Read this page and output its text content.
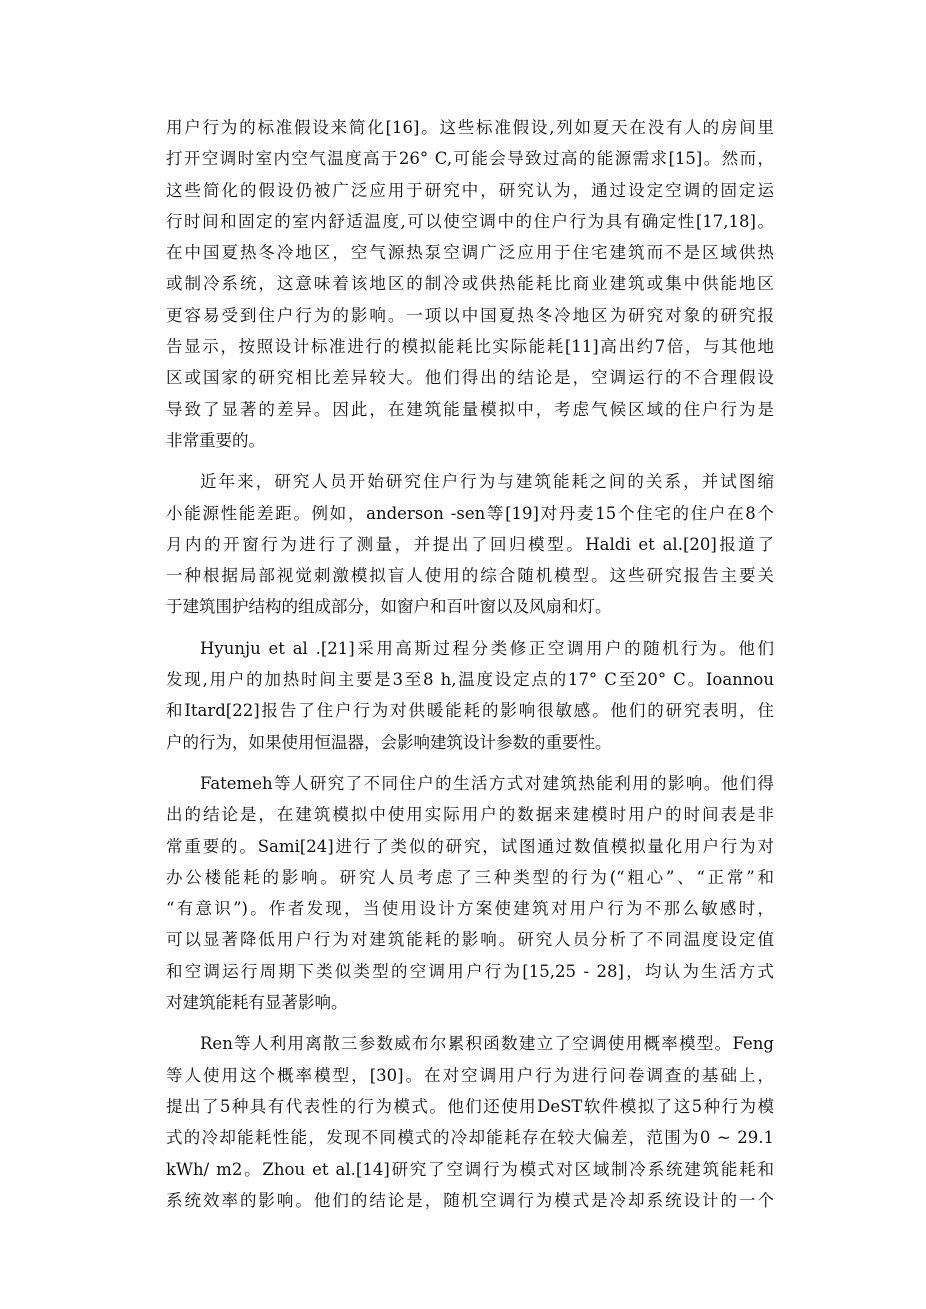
用户行为的标准假设来简化[16]。这些标准假设,列如夏天在没有人的房间里
打开空调时室内空气温度高于26° C,可能会导致过高的能源需求[15]。然而，
这些简化的假设仍被广泛应用于研究中，研究认为，通过设定空调的固定运
行时间和固定的室内舒适温度,可以使空调中的住户行为具有确定性[17,18]。
在中国夏热冬冷地区，空气源热泵空调广泛应用于住宅建筑而不是区域供热
或制冷系统，这意味着该地区的制冷或供热能耗比商业建筑或集中供能地区
更容易受到住户行为的影响。一项以中国夏热冬冷地区为研究对象的研究报
告显示，按照设计标准进行的模拟能耗比实际能耗[11]高出约7倍，与其他地
区或国家的研究相比差异较大。他们得出的结论是，空调运行的不合理假设
导致了显著的差异。因此，在建筑能量模拟中，考虑气候区域的住户行为是
非常重要的。
近年来，研究人员开始研究住户行为与建筑能耗之间的关系，并试图缩
小能源性能差距。例如，anderson -sen等[19]对丹麦15个住宅的住户在8个
月内的开窗行为进行了测量，并提出了回归模型。Haldi et al.[20]报道了
一种根据局部视觉刺激模拟盲人使用的综合随机模型。这些研究报告主要关
于建筑围护结构的组成部分，如窗户和百叶窗以及风扇和灯。
Hyunju et al .[21]采用高斯过程分类修正空调用户的随机行为。他们
发现,用户的加热时间主要是3至8 h,温度设定点的17° C至20° C。Ioannou
和Itard[22]报告了住户行为对供暖能耗的影响很敏感。他们的研究表明，住
户的行为，如果使用恒温器，会影响建筑设计参数的重要性。
Fatemeh等人研究了不同住户的生活方式对建筑热能利用的影响。他们得
出的结论是，在建筑模拟中使用实际用户的数据来建模时用户的时间表是非
常重要的。Sami[24]进行了类似的研究，试图通过数值模拟量化用户行为对
办公楼能耗的影响。研究人员考虑了三种类型的行为(“粗心”、“正常”和
“有意识”)。作者发现，当使用设计方案使建筑对用户行为不那么敏感时，
可以显著降低用户行为对建筑能耗的影响。研究人员分析了不同温度设定值
和空调运行周期下类似类型的空调用户行为[15,25 - 28]，均认为生活方式
对建筑能耗有显著影响。
Ren等人利用离散三参数威布尔累积函数建立了空调使用概率模型。Feng
等人使用这个概率模型，[30]。在对空调用户行为进行问卷调查的基础上，
提出了5种具有代表性的行为模式。他们还使用DeST软件模拟了这5种行为模
式的冷却能耗性能，发现不同模式的冷却能耗存在较大偏差，范围为0 ~ 29.1
kWh/ m2。Zhou et al.[14]研究了空调行为模式对区域制冷系统建筑能耗和
系统效率的影响。他们的结论是，随机空调行为模式是冷却系统设计的一个
